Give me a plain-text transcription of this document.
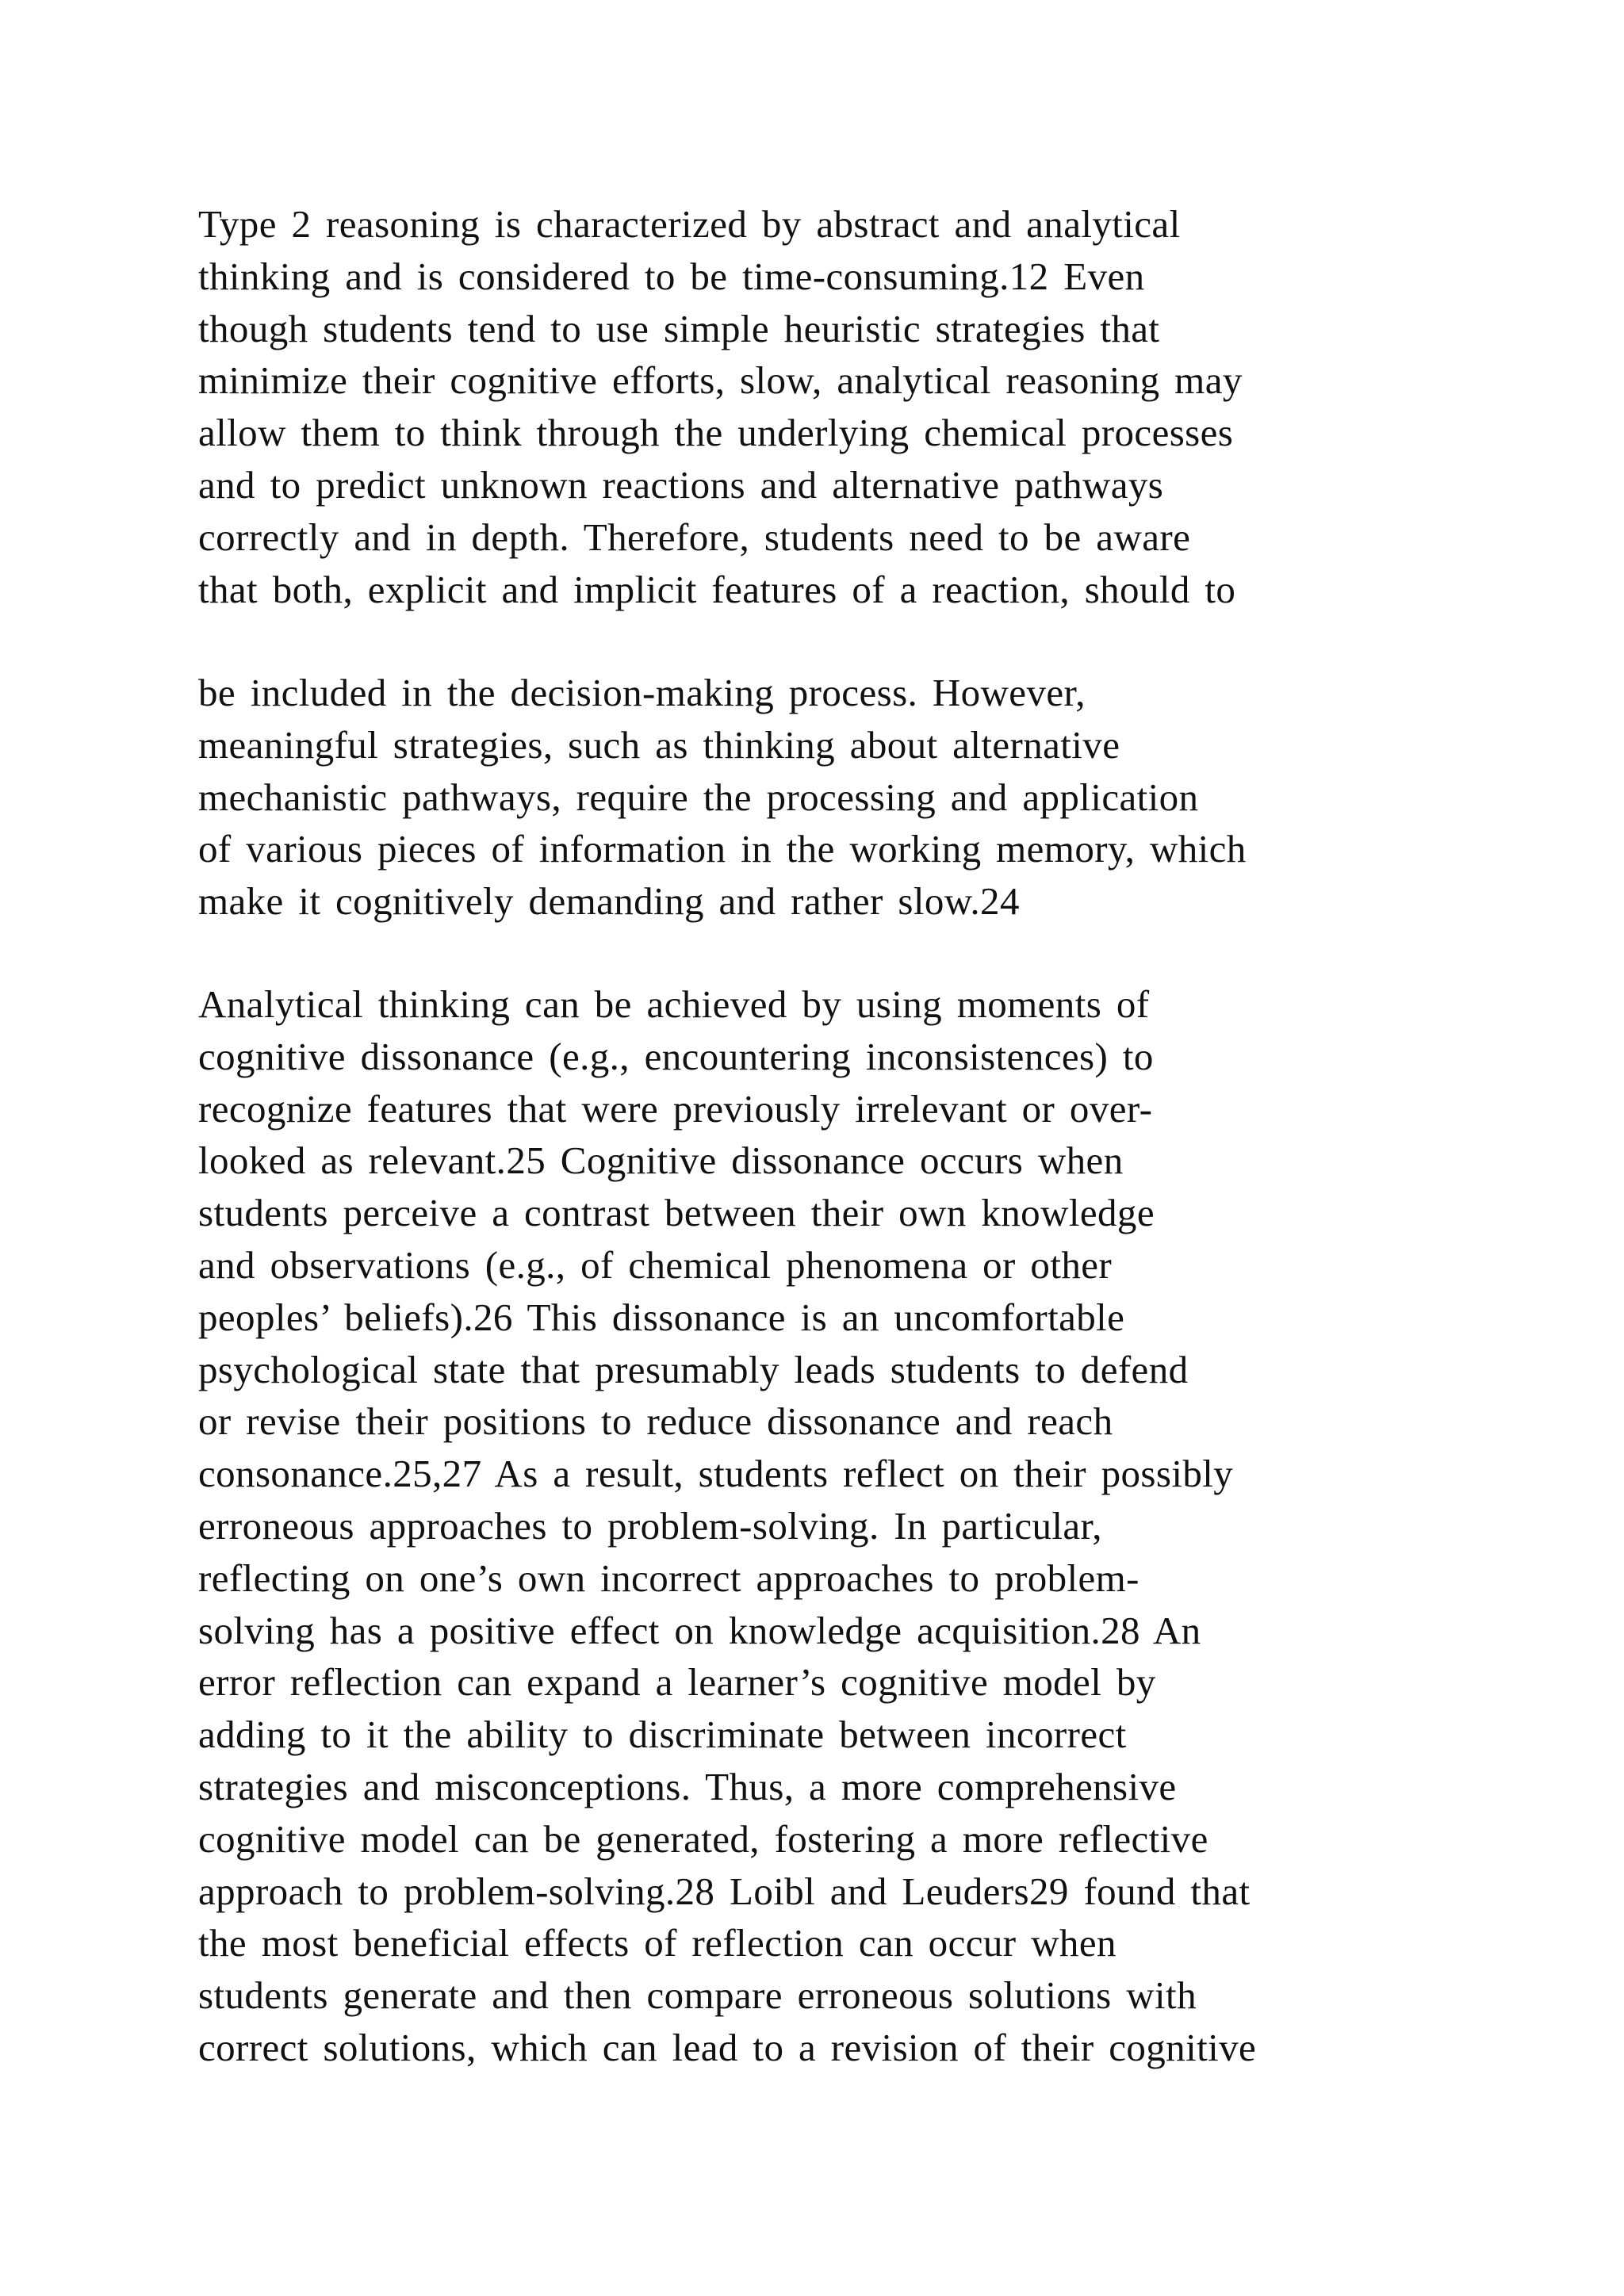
Type 2 reasoning is characterized by abstract and analytical
thinking and is considered to be time-consuming.12 Even
though students tend to use simple heuristic strategies that
minimize their cognitive efforts, slow, analytical reasoning may
allow them to think through the underlying chemical processes
and to predict unknown reactions and alternative pathways
correctly and in depth. Therefore, students need to be aware
that both, explicit and implicit features of a reaction, should to
be included in the decision-making process. However,
meaningful strategies, such as thinking about alternative
mechanistic pathways, require the processing and application
of various pieces of information in the working memory, which
make it cognitively demanding and rather slow.24
Analytical thinking can be achieved by using moments of
cognitive dissonance (e.g., encountering inconsistences) to
recognize features that were previously irrelevant or over-
looked as relevant.25 Cognitive dissonance occurs when
students perceive a contrast between their own knowledge
and observations (e.g., of chemical phenomena or other
peoples’ beliefs).26 This dissonance is an uncomfortable
psychological state that presumably leads students to defend
or revise their positions to reduce dissonance and reach
consonance.25,27 As a result, students reflect on their possibly
erroneous approaches to problem-solving. In particular,
reflecting on one’s own incorrect approaches to problem-
solving has a positive effect on knowledge acquisition.28 An
error reflection can expand a learner’s cognitive model by
adding to it the ability to discriminate between incorrect
strategies and misconceptions. Thus, a more comprehensive
cognitive model can be generated, fostering a more reflective
approach to problem-solving.28 Loibl and Leuders29 found that
the most beneficial effects of reflection can occur when
students generate and then compare erroneous solutions with
correct solutions, which can lead to a revision of their cognitive
